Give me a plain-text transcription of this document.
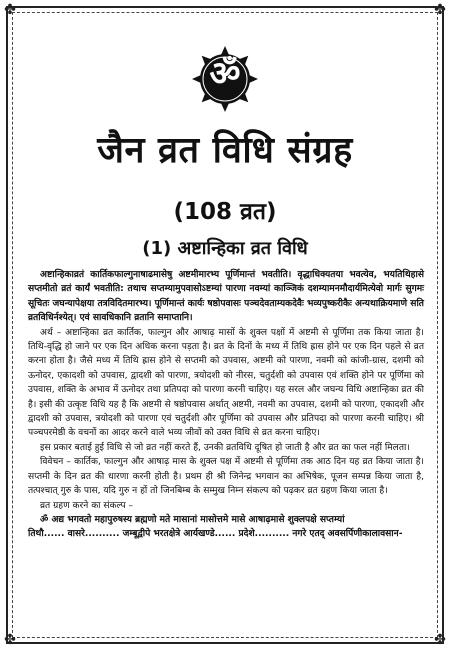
✤	✤
✤	✤
ॐ
जैन व्रत विधि संग्रह
(108 व्रत)
(1) अष्टान्हिका व्रत विधि

अष्टान्हिकाव्रतं कार्तिकफाल्गुनाषाढमासेषु अष्टमीमारभ्य पूर्णिमान्तं भवतीति। वृद्धाधिक्यतया भवत्येव, भयतिथिहासे सप्तमीतो व्रतं कार्यं भवतीति: तथाच सप्तम्यामुपवासोऽष्टम्यां पारणा नवम्यां काञ्जिकं दशम्यामनमौदार्यमित्येवो मार्गः सुगमः सूचितः जघन्यापेक्षया तत्रविदितमारभ्य। पूर्णिमान्तं कार्यः षष्ठोपवासः पञ्चदेवताम्यकदेवैः भव्यपुष्करीकैः अन्यथाक्रियमाणे सति व्रतविधिर्नश्येत्। एवं सावधिकानि व्रतानि समाप्तानि।

अर्थ – अष्टान्हिका व्रत कार्तिक, फाल्गुन और आषाढ़ मासों के शुक्ल पक्षों में अष्टमी से पूर्णिमा तक किया जाता है। तिथि-वृद्धि हो जाने पर एक दिन अधिक करना पड़ता है। व्रत के दिनों के मध्य में तिथि ह्रास होने पर एक दिन पहले से व्रत करना होता है। जैसे मध्य में तिथि ह्रास होने से सप्तमी को उपवास, अष्टमी को पारणा, नवमी को कांजी-ग्रास, दशमी को ऊनोदर, एकादशी को उपवास, द्वादशी को पारणा, त्रयोदशी को नीरस, चतुर्दशी को उपवास एवं शक्ति होने पर पूर्णिमा को उपवास, शक्ति के अभाव में ऊनोदर तथा प्रतिपदा को पारणा करनी चाहिए। यह सरल और जघन्य विधि अष्टान्हिका व्रत की है। इसी की उत्कृष्ट विधि यह है कि अष्टमी से षष्ठोपवास अर्थात् अष्टमी, नवमी का उपवास, दशमी को पारणा, एकादशी और द्वादशी को उपवास, त्रयोदशी को पारणा एवं चतुर्दशी और पूर्णिमा को उपवास और प्रतिपदा को पारणा करनी चाहिए। श्री पञ्चपरमेष्ठी के वचनों का आदर करने वाले भव्य जीवों को उक्त विधि से व्रत करना चाहिए।

इस प्रकार बताई हुई विधि से जो व्रत नहीं करते हैं, उनकी व्रतविधि दूषित हो जाती है और व्रत का फल नहीं मिलता।

विवेचन – कार्तिक, फाल्गुन और आषाढ़ मास के शुक्ल पक्ष में अष्टमी से पूर्णिमा तक आठ दिन यह व्रत किया जाता है। सप्तमी के दिन व्रत की धारणा करनी होती है। प्रथम ही श्री जिनेन्द्र भगवान का अभिषेक, पूजन सम्पन्न किया जाता है, तत्पश्चात् गुरु के पास, यदि गुरु न हों तो जिनबिम्ब के सम्मुख निम्न संकल्प को पढ़कर व्रत ग्रहण किया जाता है।

व्रत ग्रहण करने का संकल्प –

ॐ अद्य भगवतो महापुरुषस्य ब्रह्मणो मते मासानां मासोत्तमे मासे आषाढ़मासे शुक्लपक्षे सप्तम्यां

तिथौ...... वासरे.......... जम्बूद्वीपे भरतक्षेत्रे आर्यखण्डे...... प्रदेशे.......... नगरे एतद् अवसर्पिणीकालावसान-
